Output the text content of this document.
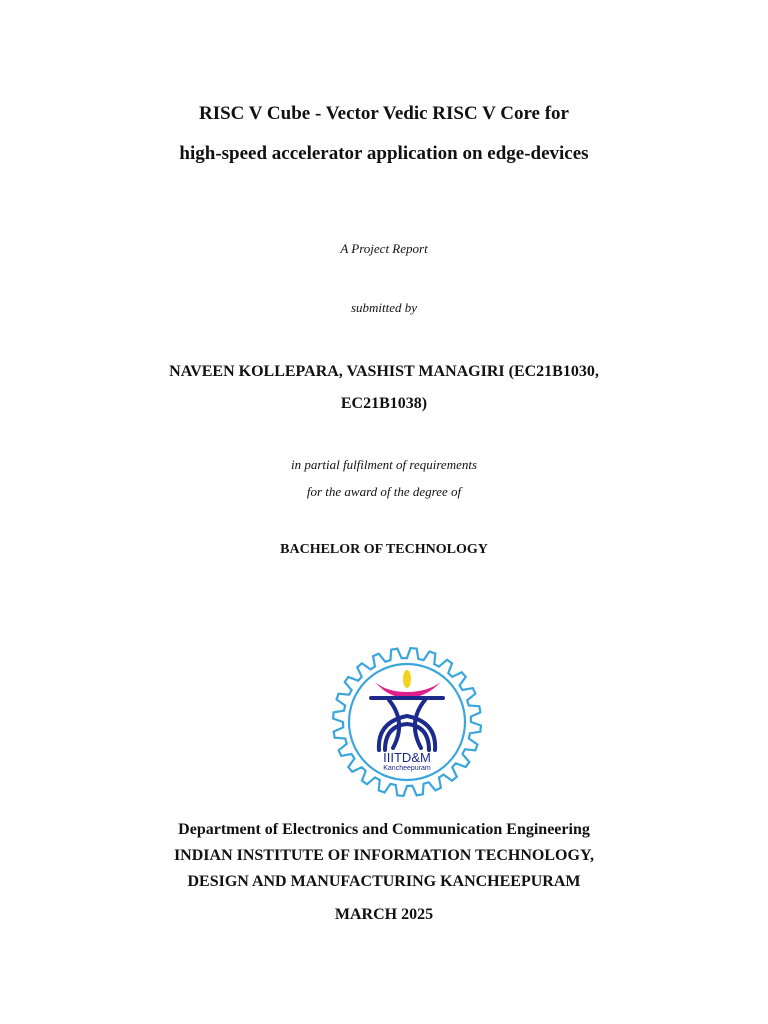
RISC V Cube - Vector Vedic RISC V Core for
high-speed accelerator application on edge-devices
A Project Report
submitted by
NAVEEN KOLLEPARA, VASHIST MANAGIRI (EC21B1030,
EC21B1038)
in partial fulfilment of requirements
for the award of the degree of
BACHELOR OF TECHNOLOGY
IIITD&M
Kancheepuram
Department of Electronics and Communication Engineering
INDIAN INSTITUTE OF INFORMATION TECHNOLOGY,
DESIGN AND MANUFACTURING KANCHEEPURAM
MARCH 2025
